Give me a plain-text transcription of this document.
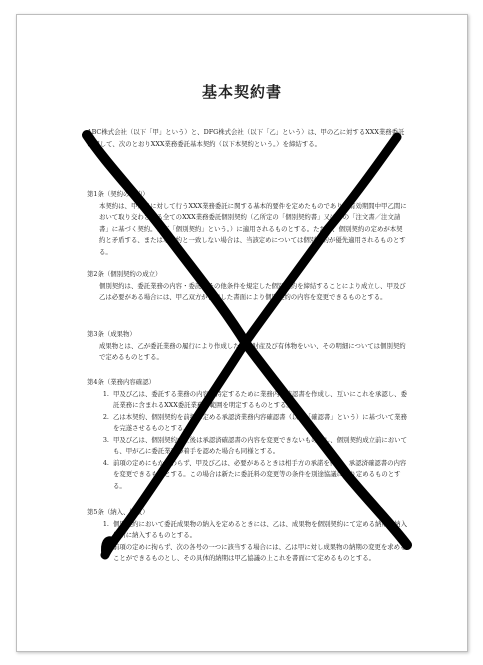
基本契約書

ABC株式会社（以下「甲」という）と、DFG株式会社（以下「乙」という）は、甲の乙に対するXXX業務委託に関して、次のとおりXXX業務委託基本契約（以下本契約という。）を締結する。

第1条（契約の目的）

本契約は、甲が乙に対して行うXXX業務委託に関する基本的要件を定めたものであり、有効期間中甲乙間において取り交わされる全てのXXX業務委託個別契約（乙所定の「個別契約書」又は甲の「注文書／注文請書」に基づく契約。以下「個別契約」という。）に適用されるものとする。ただし、個別契約の定めが本契約と矛盾する、または本契約と一致しない場合は、当該定めについては個別契約が優先適用されるものとする。

第2条（個別契約の成立）

個別契約は、委託業務の内容・委託料その他条件を規定した個別契約を締結することにより成立し、甲及び乙は必要がある場合には、甲乙双方が合意した書面により個別契約の内容を変更できるものとする。

第3条（成果物）

成果物とは、乙が委託業務の履行により作成した無体財産及び有体物をいい、その明細については個別契約で定めるものとする。

第4条（業務内容確認）

1. 甲及び乙は、委託する業務の内容を特定するために業務内容確認書を作成し、互いにこれを承認し、委託業務に含まれるXXX委託業務の範囲を明定するものとする。
2. 乙は本契約、個別契約を前提に定める承認済業務内容確認書（以下「確認書」という）に基づいて業務を完遂させるものとする。
3. 甲及び乙は、個別契約成立後は承認済確認書の内容を変更できないものとし、個別契約成立前においても、甲が乙に委託業務の着手を認めた場合も同様とする。
4. 前項の定めにもかかわらず、甲及び乙は、必要があるときは相手方の承諾を得て、承認済確認書の内容を変更できるものとする。この場合は新たに委託料の変更等の条件を別途協議により定めるものとする。

第5条（納入、検収）

1. 個別契約において委託成果物の納入を定めるときには、乙は、成果物を個別契約にて定める納期・納入場所に納入するものとする。
2. 前項の定めに拘らず、次の各号の一つに該当する場合には、乙は甲に対し成果物の納期の変更を求めることができるものとし、その具体的納期は甲乙協議の上これを書面にて定めるものとする。
